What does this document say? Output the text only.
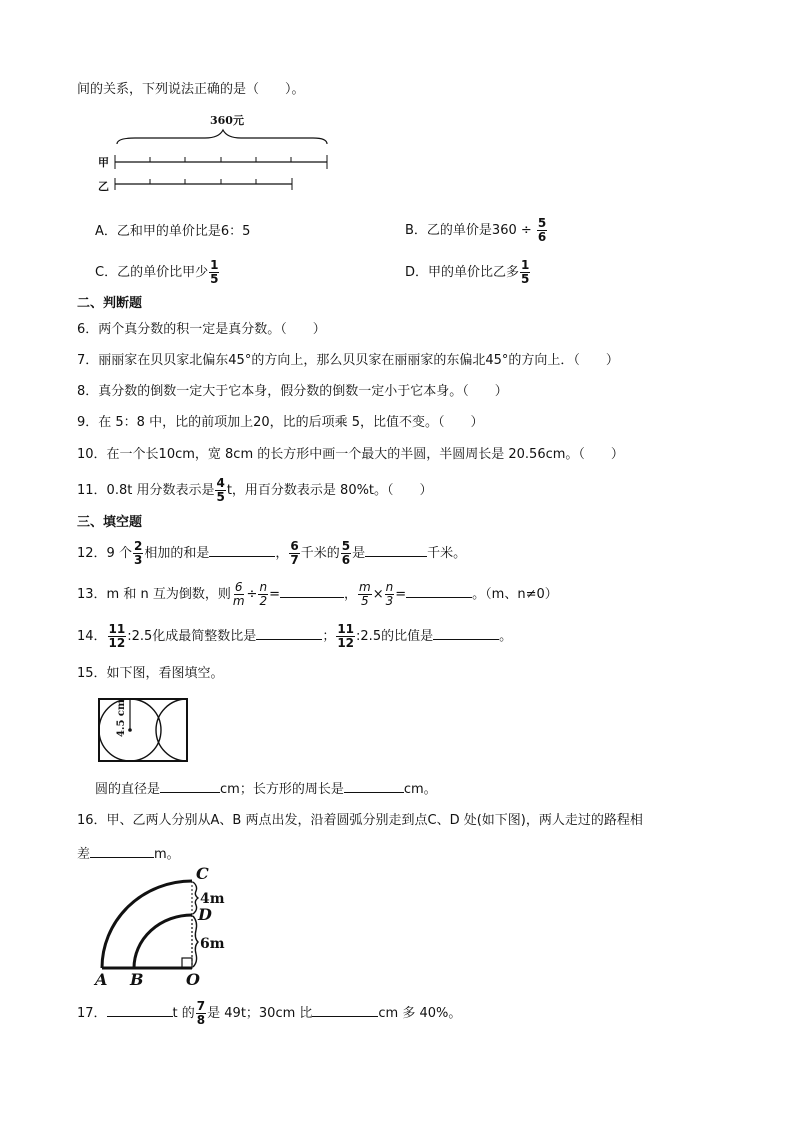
间的关系，下列说法正确的是（　　）。
360元
甲
乙
A．乙和甲的单价比是6：5	B．乙的单价是$360 \div \frac{5}{6}$
C．乙的单价比甲少 $\frac{1}{5}$	D．甲的单价比乙多 $\frac{1}{5}$
二、判断题
6．两个真分数的积一定是真分数。（　　）
7．丽丽家在贝贝家北偏东45°的方向上，那么贝贝家在丽丽家的东偏北45°的方向上．（　　）
8．真分数的倒数一定大于它本身，假分数的倒数一定小于它本身。（　　）
9．在 5：8 中，比的前项加上20，比的后项乘 5，比值不变。（　　）
10．在一个长10cm，宽 8cm 的长方形中画一个最大的半圆，半圆周长是 20.56cm。（　　）
11．0.8t 用分数表示是 $\frac{4}{5}$ t，用百分数表示是 80%t。（　　）
三、填空题
12．9 个 $\frac{2}{3}$ 相加的和是	， $\frac{6}{7}$ 千米的 $\frac{5}{6}$ 是	千米。
13．m 和 n 互为倒数，则 $\frac{6}{m} \div \frac{n}{2}$ =	， $\frac{m}{5} \times \frac{n}{3}$ =	。（m、n≠0）
14． $\frac{11}{12}$ :2.5化成最简整数比是	； $\frac{11}{12}$ :2.5的比值是	。
15．如下图，看图填空。
4.5 cm
圆的直径是	cm；长方形的周长是	cm。
16．甲、乙两人分别从A、B 两点出发，沿着圆弧分别走到点C、D 处(如下图)，两人走过的路程相
差	m。
C
4m
D
6m
A B	O
17．	t 的 $\frac{7}{8}$ 是 49t；30cm 比	cm 多 40%。
